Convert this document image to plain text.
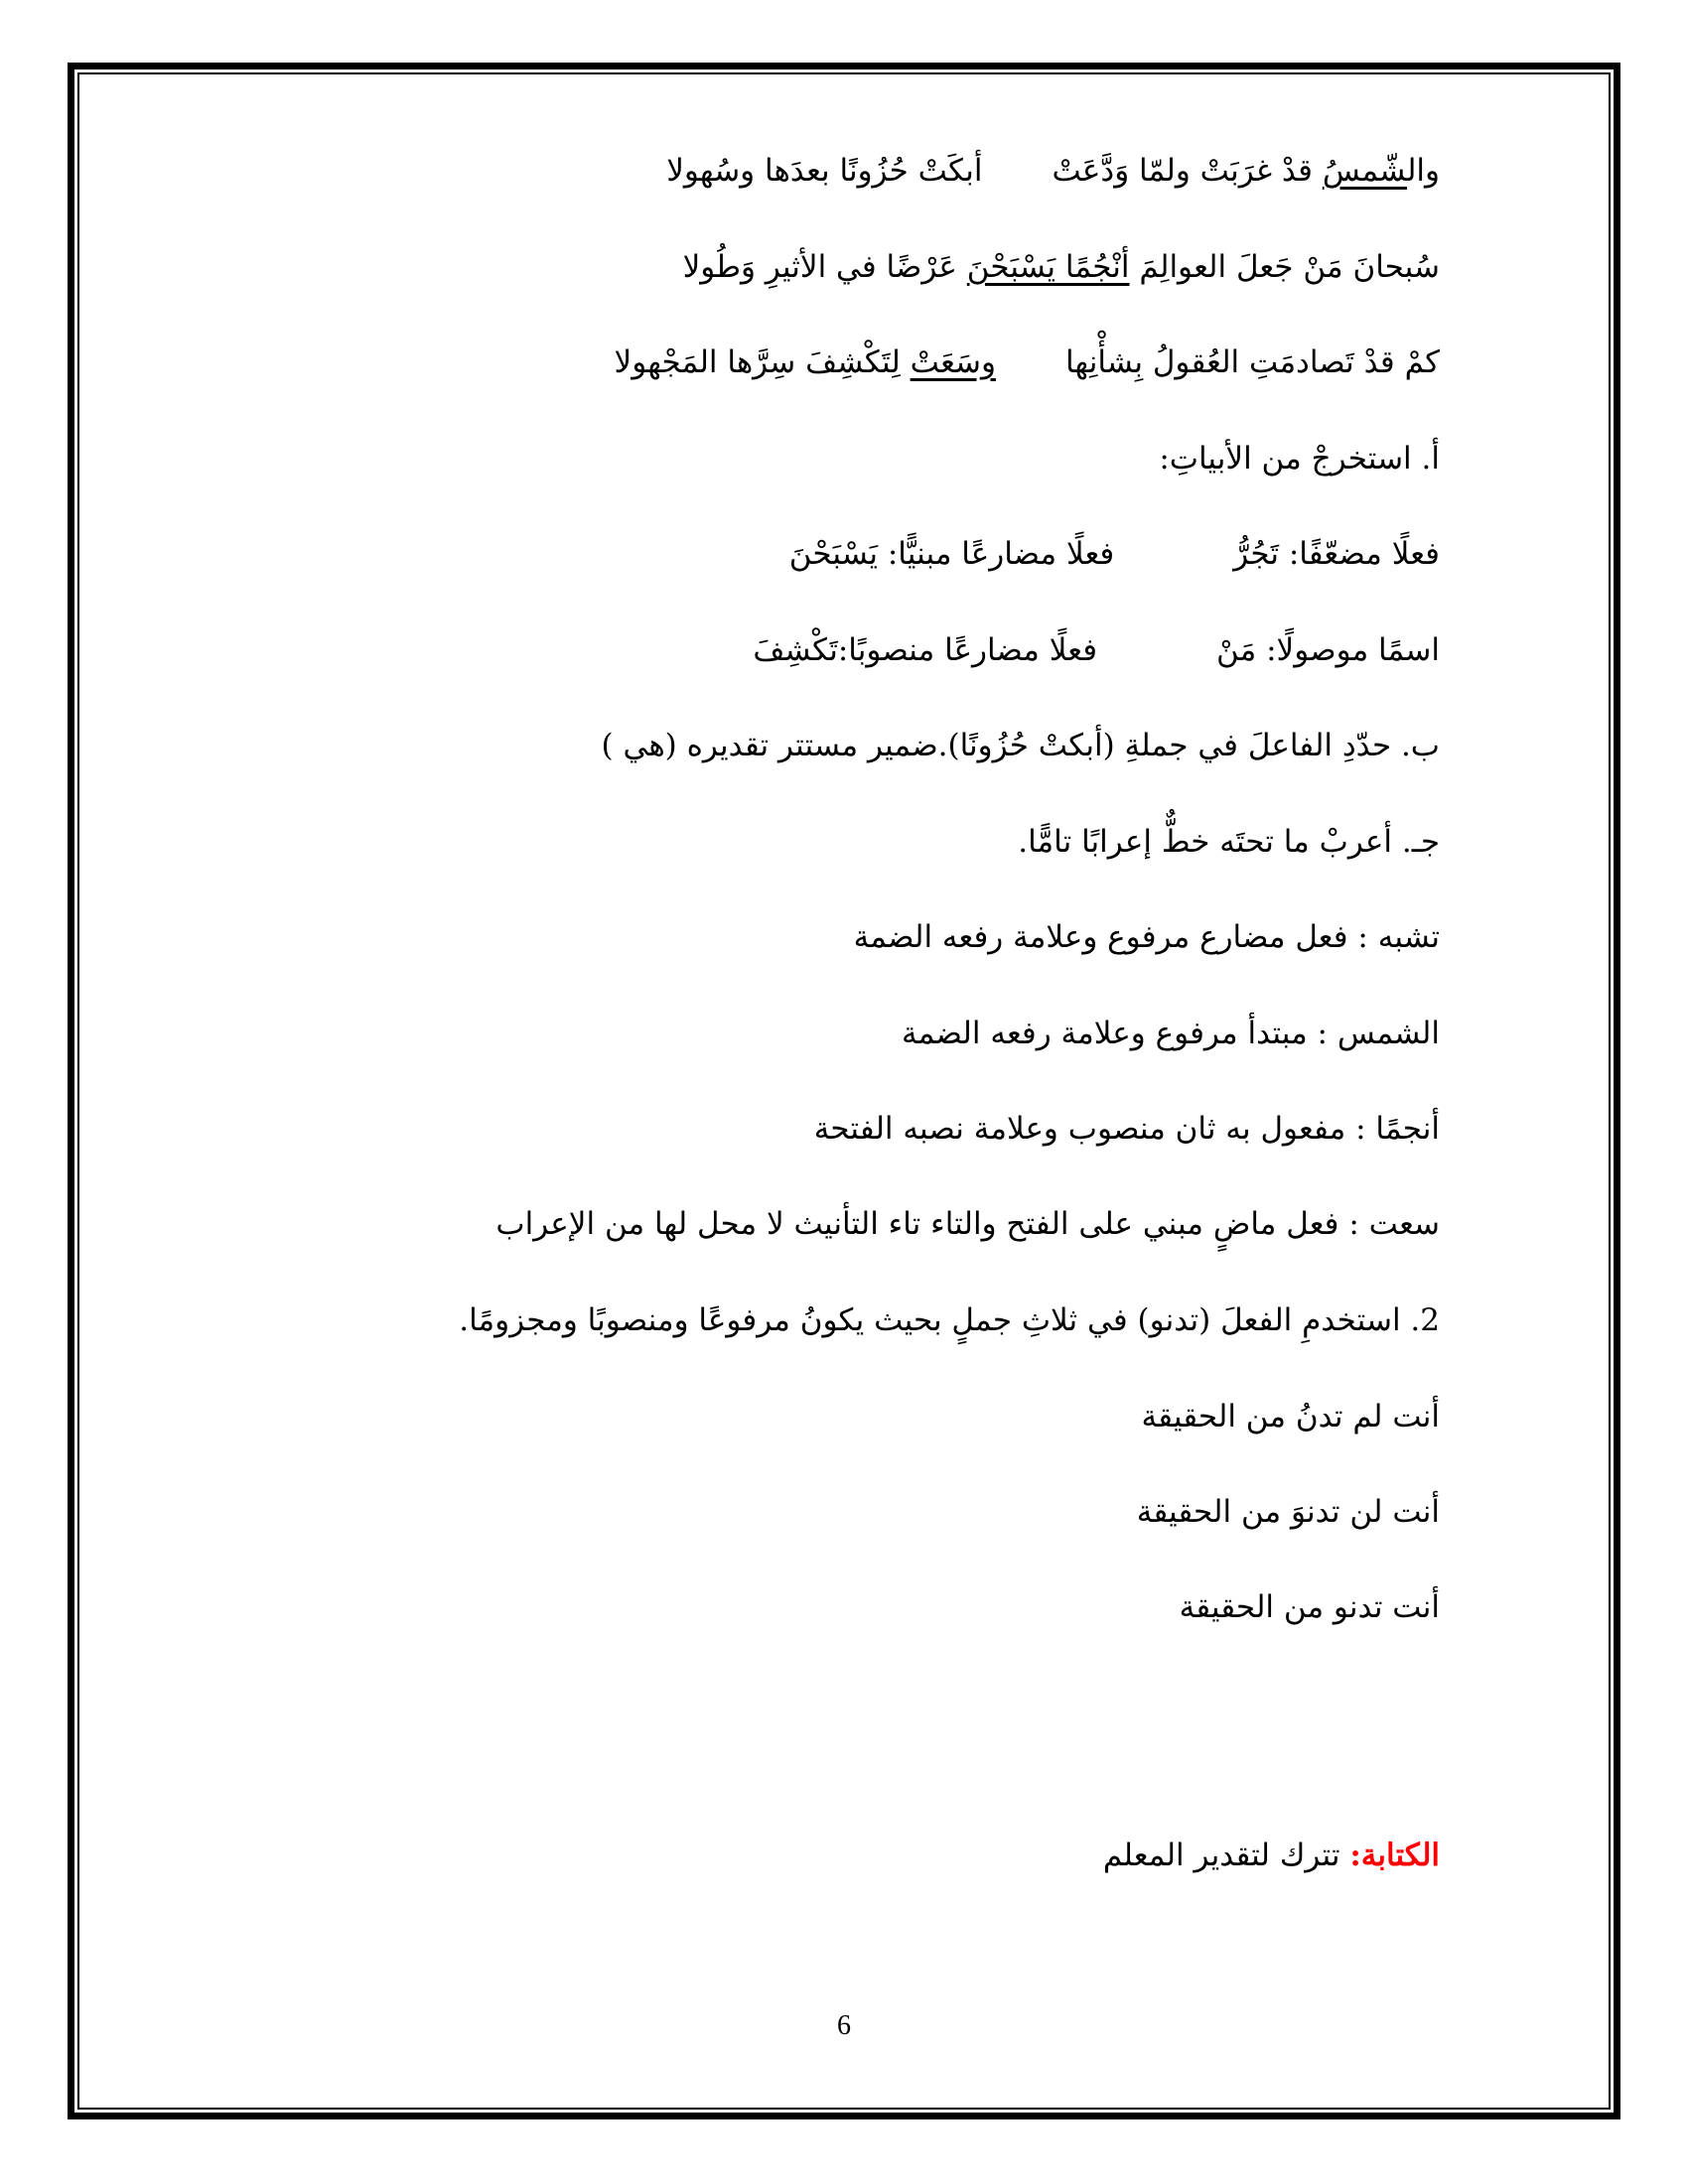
والشّمسُ قدْ غرَبَتْ ولمّا وَدَّعَتْأبكَتْ حُزُونًا بعدَها وسُهولا
سُبحانَ مَنْ جَعلَ العوالِمَ أنْجُمًا يَسْبَحْنَ عَرْضًا في الأثيرِ وَطُولا
كمْ قدْ تَصادمَتِ العُقولُ بِشأْنِهاوسَعَتْ لِتَكْشِفَ سِرَّها المَجْهولا
أ. استخرجْ من الأبياتِ:
فعلًا مضعّفًا: تَجُرُّفعلًا مضارعًا مبنيًّا: يَسْبَحْنَ
اسمًا موصولًا: مَنْفعلًا مضارعًا منصوبًا:تَكْشِفَ
ب. حدّدِ الفاعلَ في جملةِ (أبكتْ حُزُونًا).ضمير مستتر تقديره (هي )
جـ. أعربْ ما تحتَه خطٌّ إعرابًا تامًّا.
تشبه : فعل مضارع مرفوع وعلامة رفعه الضمة
الشمس : مبتدأ مرفوع وعلامة رفعه الضمة
أنجمًا : مفعول به ثان منصوب وعلامة نصبه الفتحة
سعت : فعل ماضٍ مبني على الفتح والتاء تاء التأنيث لا محل لها من الإعراب
2. استخدمِ الفعلَ (تدنو) في ثلاثِ جملٍ بحيث يكونُ مرفوعًا ومنصوبًا ومجزومًا.
أنت لم تدنُ من الحقيقة
أنت لن تدنوَ من الحقيقة
أنت تدنو من الحقيقة
الكتابة: تترك لتقدير المعلم
6
